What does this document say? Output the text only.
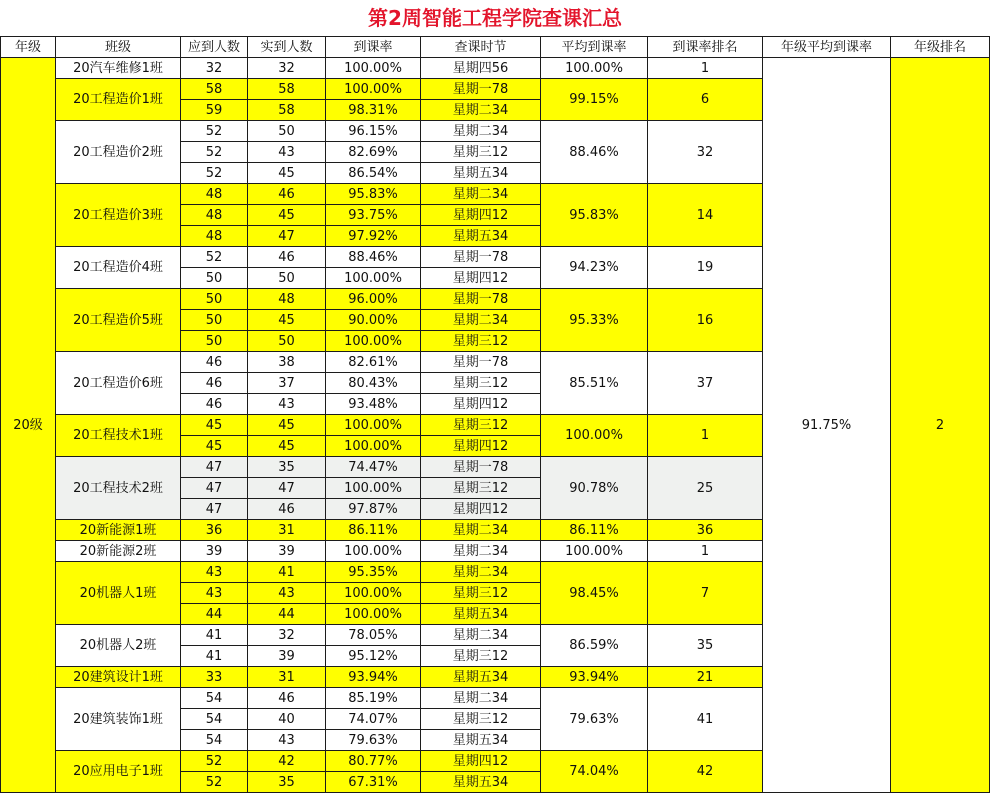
第2周智能工程学院查课汇总
年级	班级	应到人数	实到人数	到课率	查课时节	平均到课率	到课率排名	年级平均到课率	年级排名
20级	20汽车维修1班	32	32	100.00%	星期四56	100.00%	1	91.75%	2
	20工程造价1班	58	58	100.00%	星期一78	99.15%	6		
		59	58	98.31%	星期二34				
	20工程造价2班	52	50	96.15%	星期二34	88.46%	32		
		52	43	82.69%	星期三12				
		52	45	86.54%	星期五34				
	20工程造价3班	48	46	95.83%	星期二34	95.83%	14		
		48	45	93.75%	星期四12				
		48	47	97.92%	星期五34				
	20工程造价4班	52	46	88.46%	星期一78	94.23%	19		
		50	50	100.00%	星期四12				
	20工程造价5班	50	48	96.00%	星期一78	95.33%	16		
		50	45	90.00%	星期二34				
		50	50	100.00%	星期三12				
	20工程造价6班	46	38	82.61%	星期一78	85.51%	37		
		46	37	80.43%	星期三12				
		46	43	93.48%	星期四12				
	20工程技术1班	45	45	100.00%	星期三12	100.00%	1		
		45	45	100.00%	星期四12				
	20工程技术2班	47	35	74.47%	星期一78	90.78%	25		
		47	47	100.00%	星期三12				
		47	46	97.87%	星期四12				
	20新能源1班	36	31	86.11%	星期二34	86.11%	36		
	20新能源2班	39	39	100.00%	星期二34	100.00%	1		
	20机器人1班	43	41	95.35%	星期二34	98.45%	7		
		43	43	100.00%	星期三12				
		44	44	100.00%	星期五34				
	20机器人2班	41	32	78.05%	星期二34	86.59%	35		
		41	39	95.12%	星期三12				
	20建筑设计1班	33	31	93.94%	星期五34	93.94%	21		
	20建筑装饰1班	54	46	85.19%	星期二34	79.63%	41		
		54	40	74.07%	星期三12				
		54	43	79.63%	星期五34				
	20应用电子1班	52	42	80.77%	星期四12	74.04%	42		
		52	35	67.31%	星期五34				
